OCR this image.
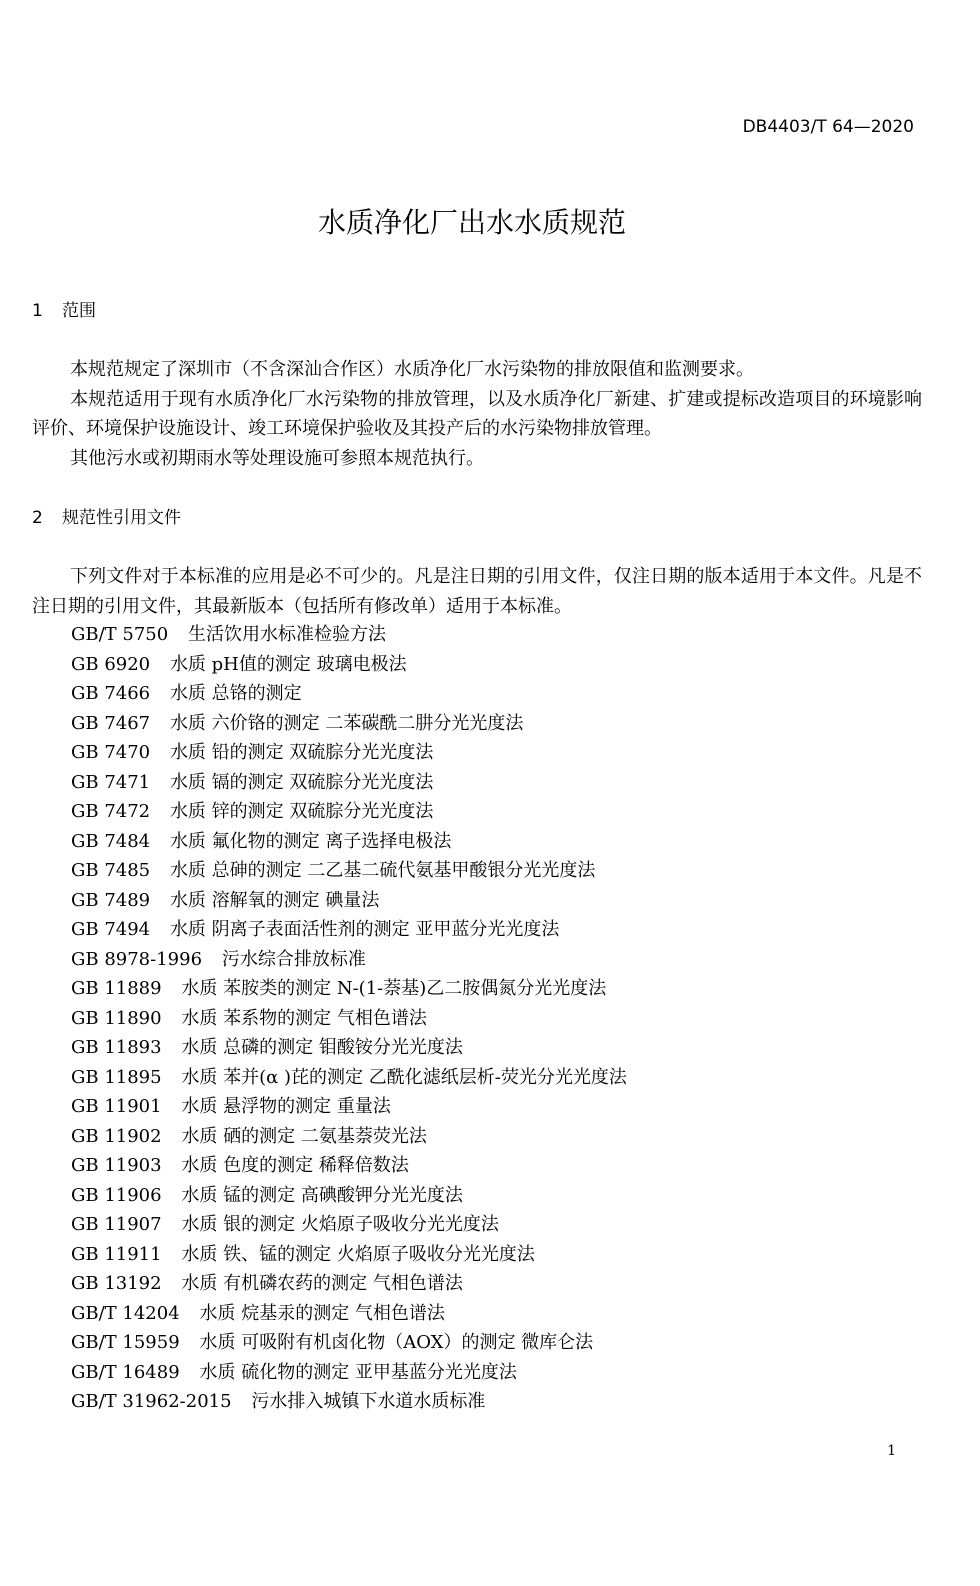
DB4403/T 64—2020
水质净化厂出水水质规范
1 范围

本规范规定了深圳市（不含深汕合作区）水质净化厂水污染物的排放限值和监测要求。

本规范适用于现有水质净化厂水污染物的排放管理，以及水质净化厂新建、扩建或提标改造项目的环境影响评价、环境保护设施设计、竣工环境保护验收及其投产后的水污染物排放管理。

其他污水或初期雨水等处理设施可参照本规范执行。

2 规范性引用文件

下列文件对于本标准的应用是必不可少的。凡是注日期的引用文件，仅注日期的版本适用于本文件。凡是不注日期的引用文件，其最新版本（包括所有修改单）适用于本标准。

GB/T 5750 生活饮用水标准检验方法
GB 6920 水质 pH值的测定 玻璃电极法
GB 7466 水质 总铬的测定
GB 7467 水质 六价铬的测定 二苯碳酰二肼分光光度法
GB 7470 水质 铅的测定 双硫腙分光光度法
GB 7471 水质 镉的测定 双硫腙分光光度法
GB 7472 水质 锌的测定 双硫腙分光光度法
GB 7484 水质 氟化物的测定 离子选择电极法
GB 7485 水质 总砷的测定 二乙基二硫代氨基甲酸银分光光度法
GB 7489 水质 溶解氧的测定 碘量法
GB 7494 水质 阴离子表面活性剂的测定 亚甲蓝分光光度法
GB 8978-1996 污水综合排放标准
GB 11889 水质 苯胺类的测定 N-(1-萘基)乙二胺偶氮分光光度法
GB 11890 水质 苯系物的测定 气相色谱法
GB 11893 水质 总磷的测定 钼酸铵分光光度法
GB 11895 水质 苯并(α )芘的测定 乙酰化滤纸层析-荧光分光光度法
GB 11901 水质 悬浮物的测定 重量法
GB 11902 水质 硒的测定 二氨基萘荧光法
GB 11903 水质 色度的测定 稀释倍数法
GB 11906 水质 锰的测定 高碘酸钾分光光度法
GB 11907 水质 银的测定 火焰原子吸收分光光度法
GB 11911 水质 铁、锰的测定 火焰原子吸收分光光度法
GB 13192 水质 有机磷农药的测定 气相色谱法
GB/T 14204 水质 烷基汞的测定 气相色谱法
GB/T 15959 水质 可吸附有机卤化物（AOX）的测定 微库仑法
GB/T 16489 水质 硫化物的测定 亚甲基蓝分光光度法
GB/T 31962-2015 污水排入城镇下水道水质标准
1
